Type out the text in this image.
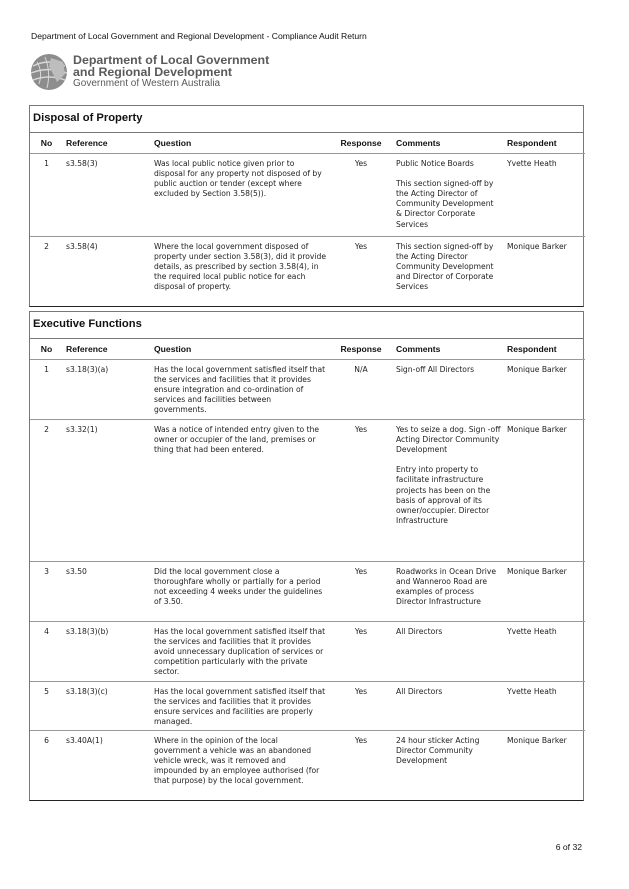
Department of Local Government and Regional Development - Compliance Audit Return
Department of Local Government
and Regional Development
Government of Western Australia
Disposal of Property
No	Reference	Question	Response	Comments	Respondent
1	s3.58(3)	Was local public notice given prior to disposal for any property not disposed of by public auction or tender (except where excluded by Section 3.58(5)).	Yes	Public Notice Boards
This section signed-off by the Acting Director of Community Development & Director Corporate Services	Yvette Heath
2	s3.58(4)	Where the local government disposed of property under section 3.58(3), did it provide details, as prescribed by section 3.58(4), in the required local public notice for each disposal of property.	Yes	This section signed-off by the Acting Director Community Development and Director of Corporate Services	Monique Barker
Executive Functions
No	Reference	Question	Response	Comments	Respondent
1	s3.18(3)(a)	Has the local government satisfied itself that the services and facilities that it provides ensure integration and co-ordination of services and facilities between governments.	N/A	Sign-off All Directors	Monique Barker
2	s3.32(1)	Was a notice of intended entry given to the owner or occupier of the land, premises or thing that had been entered.	Yes	Yes to seize a dog. Sign -off Acting Director Community Development
Entry into property to facilitate infrastructure projects has been on the basis of approval of its owner/occupier. Director Infrastructure	Monique Barker
3	s3.50	Did the local government close a thoroughfare wholly or partially for a period not exceeding 4 weeks under the guidelines of 3.50.	Yes	Roadworks in Ocean Drive and Wanneroo Road are examples of process Director Infrastructure	Monique Barker
4	s3.18(3)(b)	Has the local government satisfied itself that the services and facilities that it provides avoid unnecessary duplication of services or competition particularly with the private sector.	Yes	All Directors	Yvette Heath
5	s3.18(3)(c)	Has the local government satisfied itself that the services and facilities that it provides ensure services and facilities are properly managed.	Yes	All Directors	Yvette Heath
6	s3.40A(1)	Where in the opinion of the local government a vehicle was an abandoned vehicle wreck, was it removed and impounded by an employee authorised (for that purpose) by the local government.	Yes	24 hour sticker Acting Director Community Development	Monique Barker
6 of 32
